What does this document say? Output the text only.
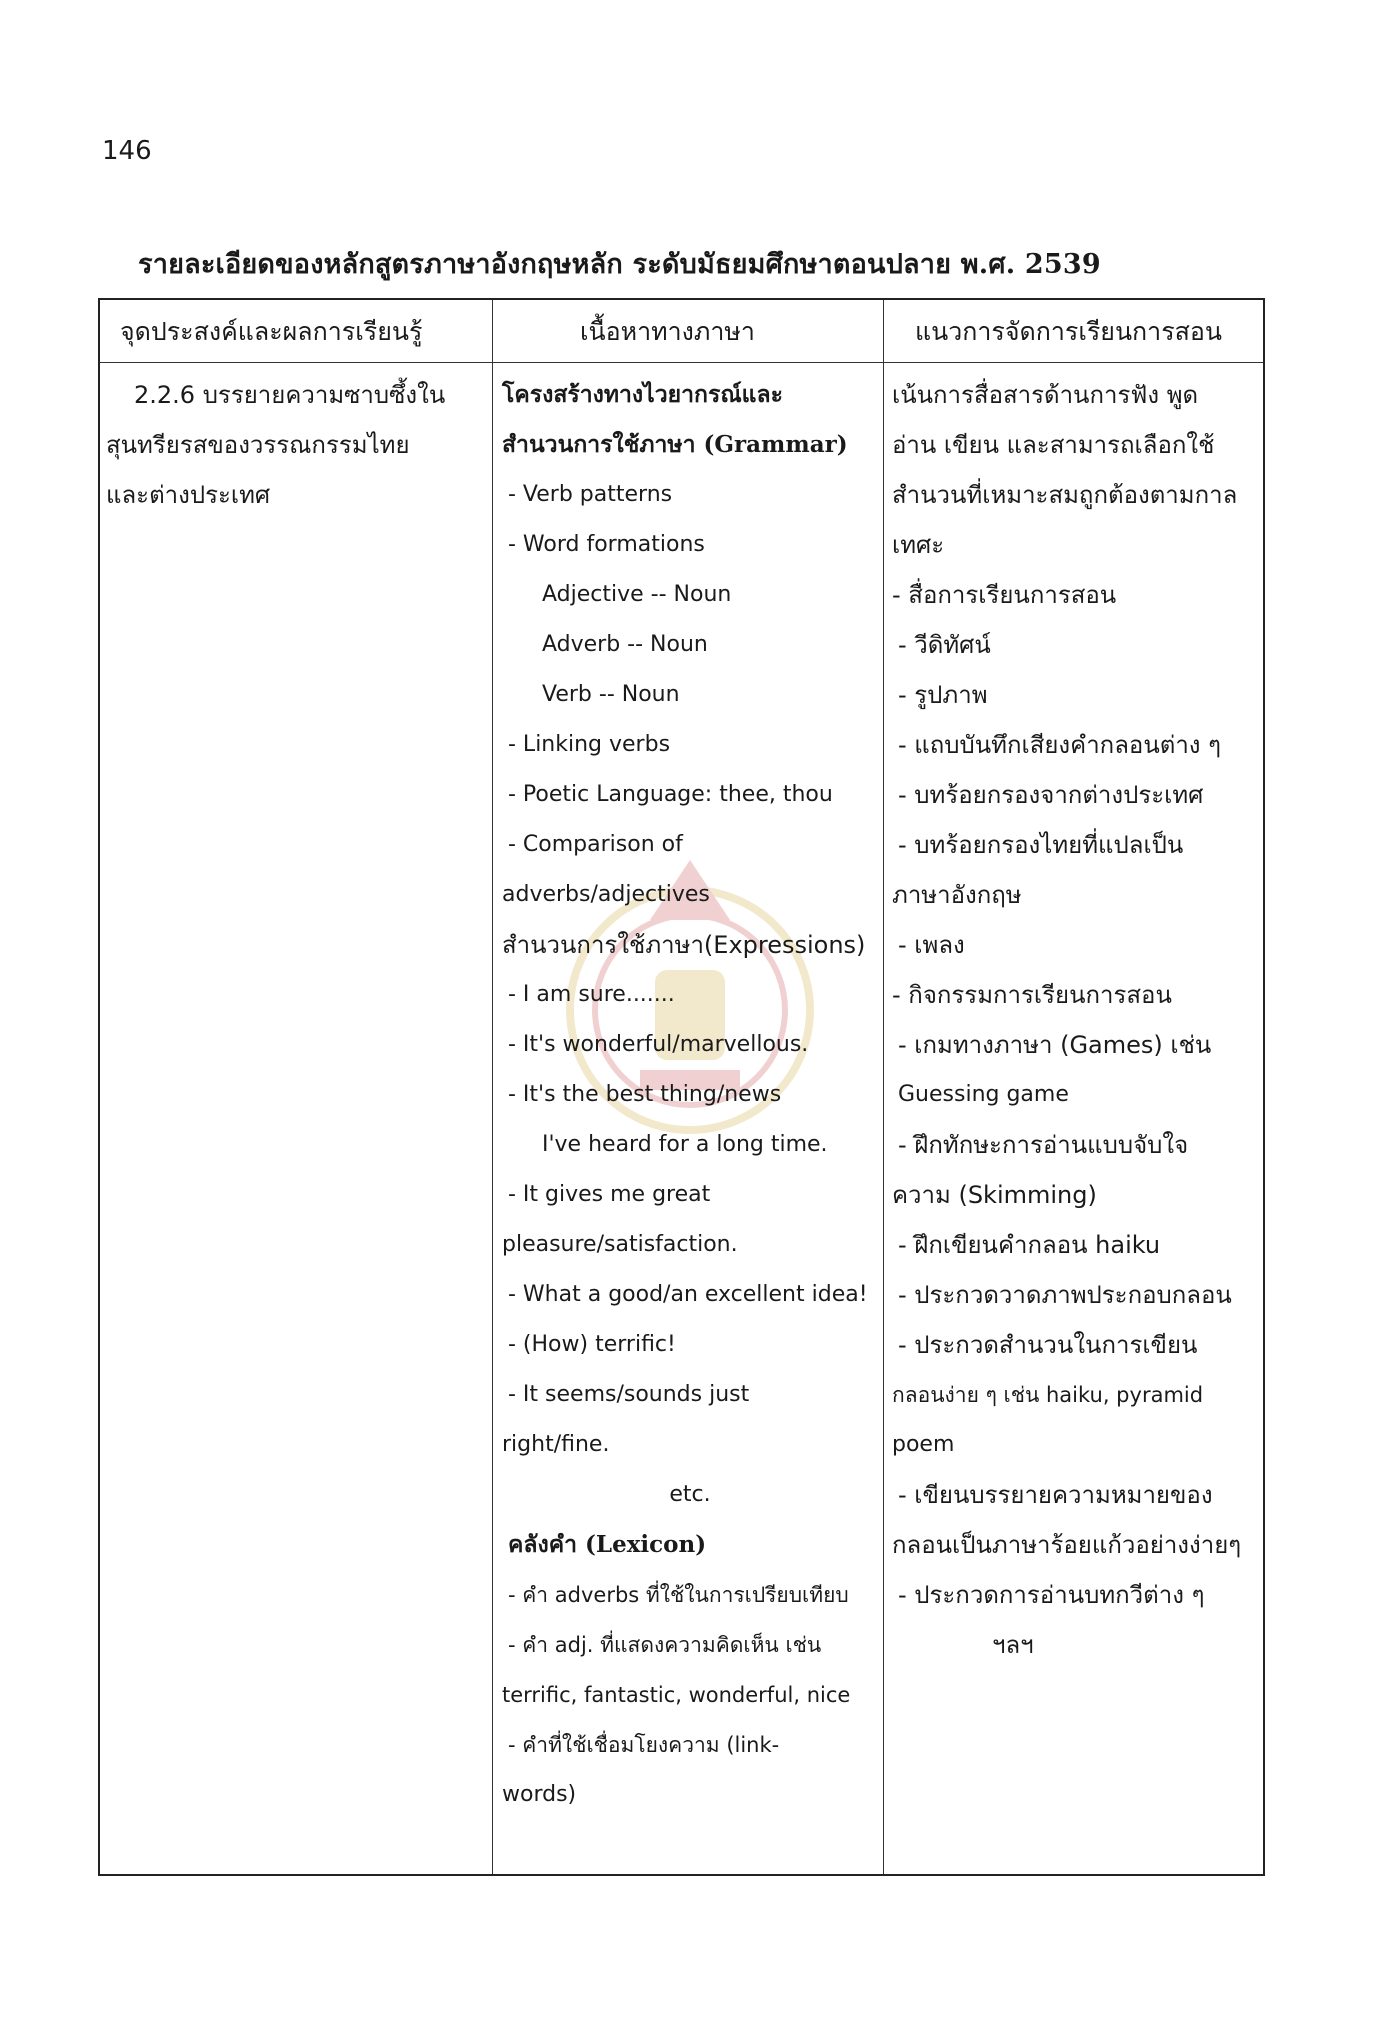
146
รายละเอียดของหลักสูตรภาษาอังกฤษหลัก ระดับมัธยมศึกษาตอนปลาย พ.ศ. 2539
จุดประสงค์และผลการเรียนรู้	เนื้อหาทางภาษา	แนวการจัดการเรียนการสอน
2.2.6 บรรยายความซาบซึ้งใน
สุนทรียรสของวรรณกรรมไทย
และต่างประเทศ
โครงสร้างทางไวยากรณ์และ
สำนวนการใช้ภาษา (Grammar)
- Verb patterns
- Word formations
Adjective -- Noun
Adverb -- Noun
Verb -- Noun
- Linking verbs
- Poetic Language: thee, thou
- Comparison of
adverbs/adjectives
สำนวนการใช้ภาษา(Expressions)
- I am sure.......
- It's wonderful/marvellous.
- It's the best thing/news
I've heard for a long time.
- It gives me great
pleasure/satisfaction.
- What a good/an excellent idea!
- (How) terrific!
- It seems/sounds just
right/fine.
etc.
คลังคำ (Lexicon)
- คำ adverbs ที่ใช้ในการเปรียบเทียบ
- คำ adj. ที่แสดงความคิดเห็น เช่น
terrific, fantastic, wonderful, nice
- คำที่ใช้เชื่อมโยงความ (link-
words)
เน้นการสื่อสารด้านการฟัง พูด
อ่าน เขียน และสามารถเลือกใช้
สำนวนที่เหมาะสมถูกต้องตามกาล
เทศะ
- สื่อการเรียนการสอน
- วีดิทัศน์
- รูปภาพ
- แถบบันทึกเสียงคำกลอนต่าง ๆ
- บทร้อยกรองจากต่างประเทศ
- บทร้อยกรองไทยที่แปลเป็น
ภาษาอังกฤษ
- เพลง
- กิจกรรมการเรียนการสอน
- เกมทางภาษา (Games) เช่น
Guessing game
- ฝึกทักษะการอ่านแบบจับใจ
ความ (Skimming)
- ฝึกเขียนคำกลอน haiku
- ประกวดวาดภาพประกอบกลอน
- ประกวดสำนวนในการเขียน
กลอนง่าย ๆ เช่น haiku, pyramid
poem
- เขียนบรรยายความหมายของ
กลอนเป็นภาษาร้อยแก้วอย่างง่ายๆ
- ประกวดการอ่านบทกวีต่าง ๆ
ฯลฯ
